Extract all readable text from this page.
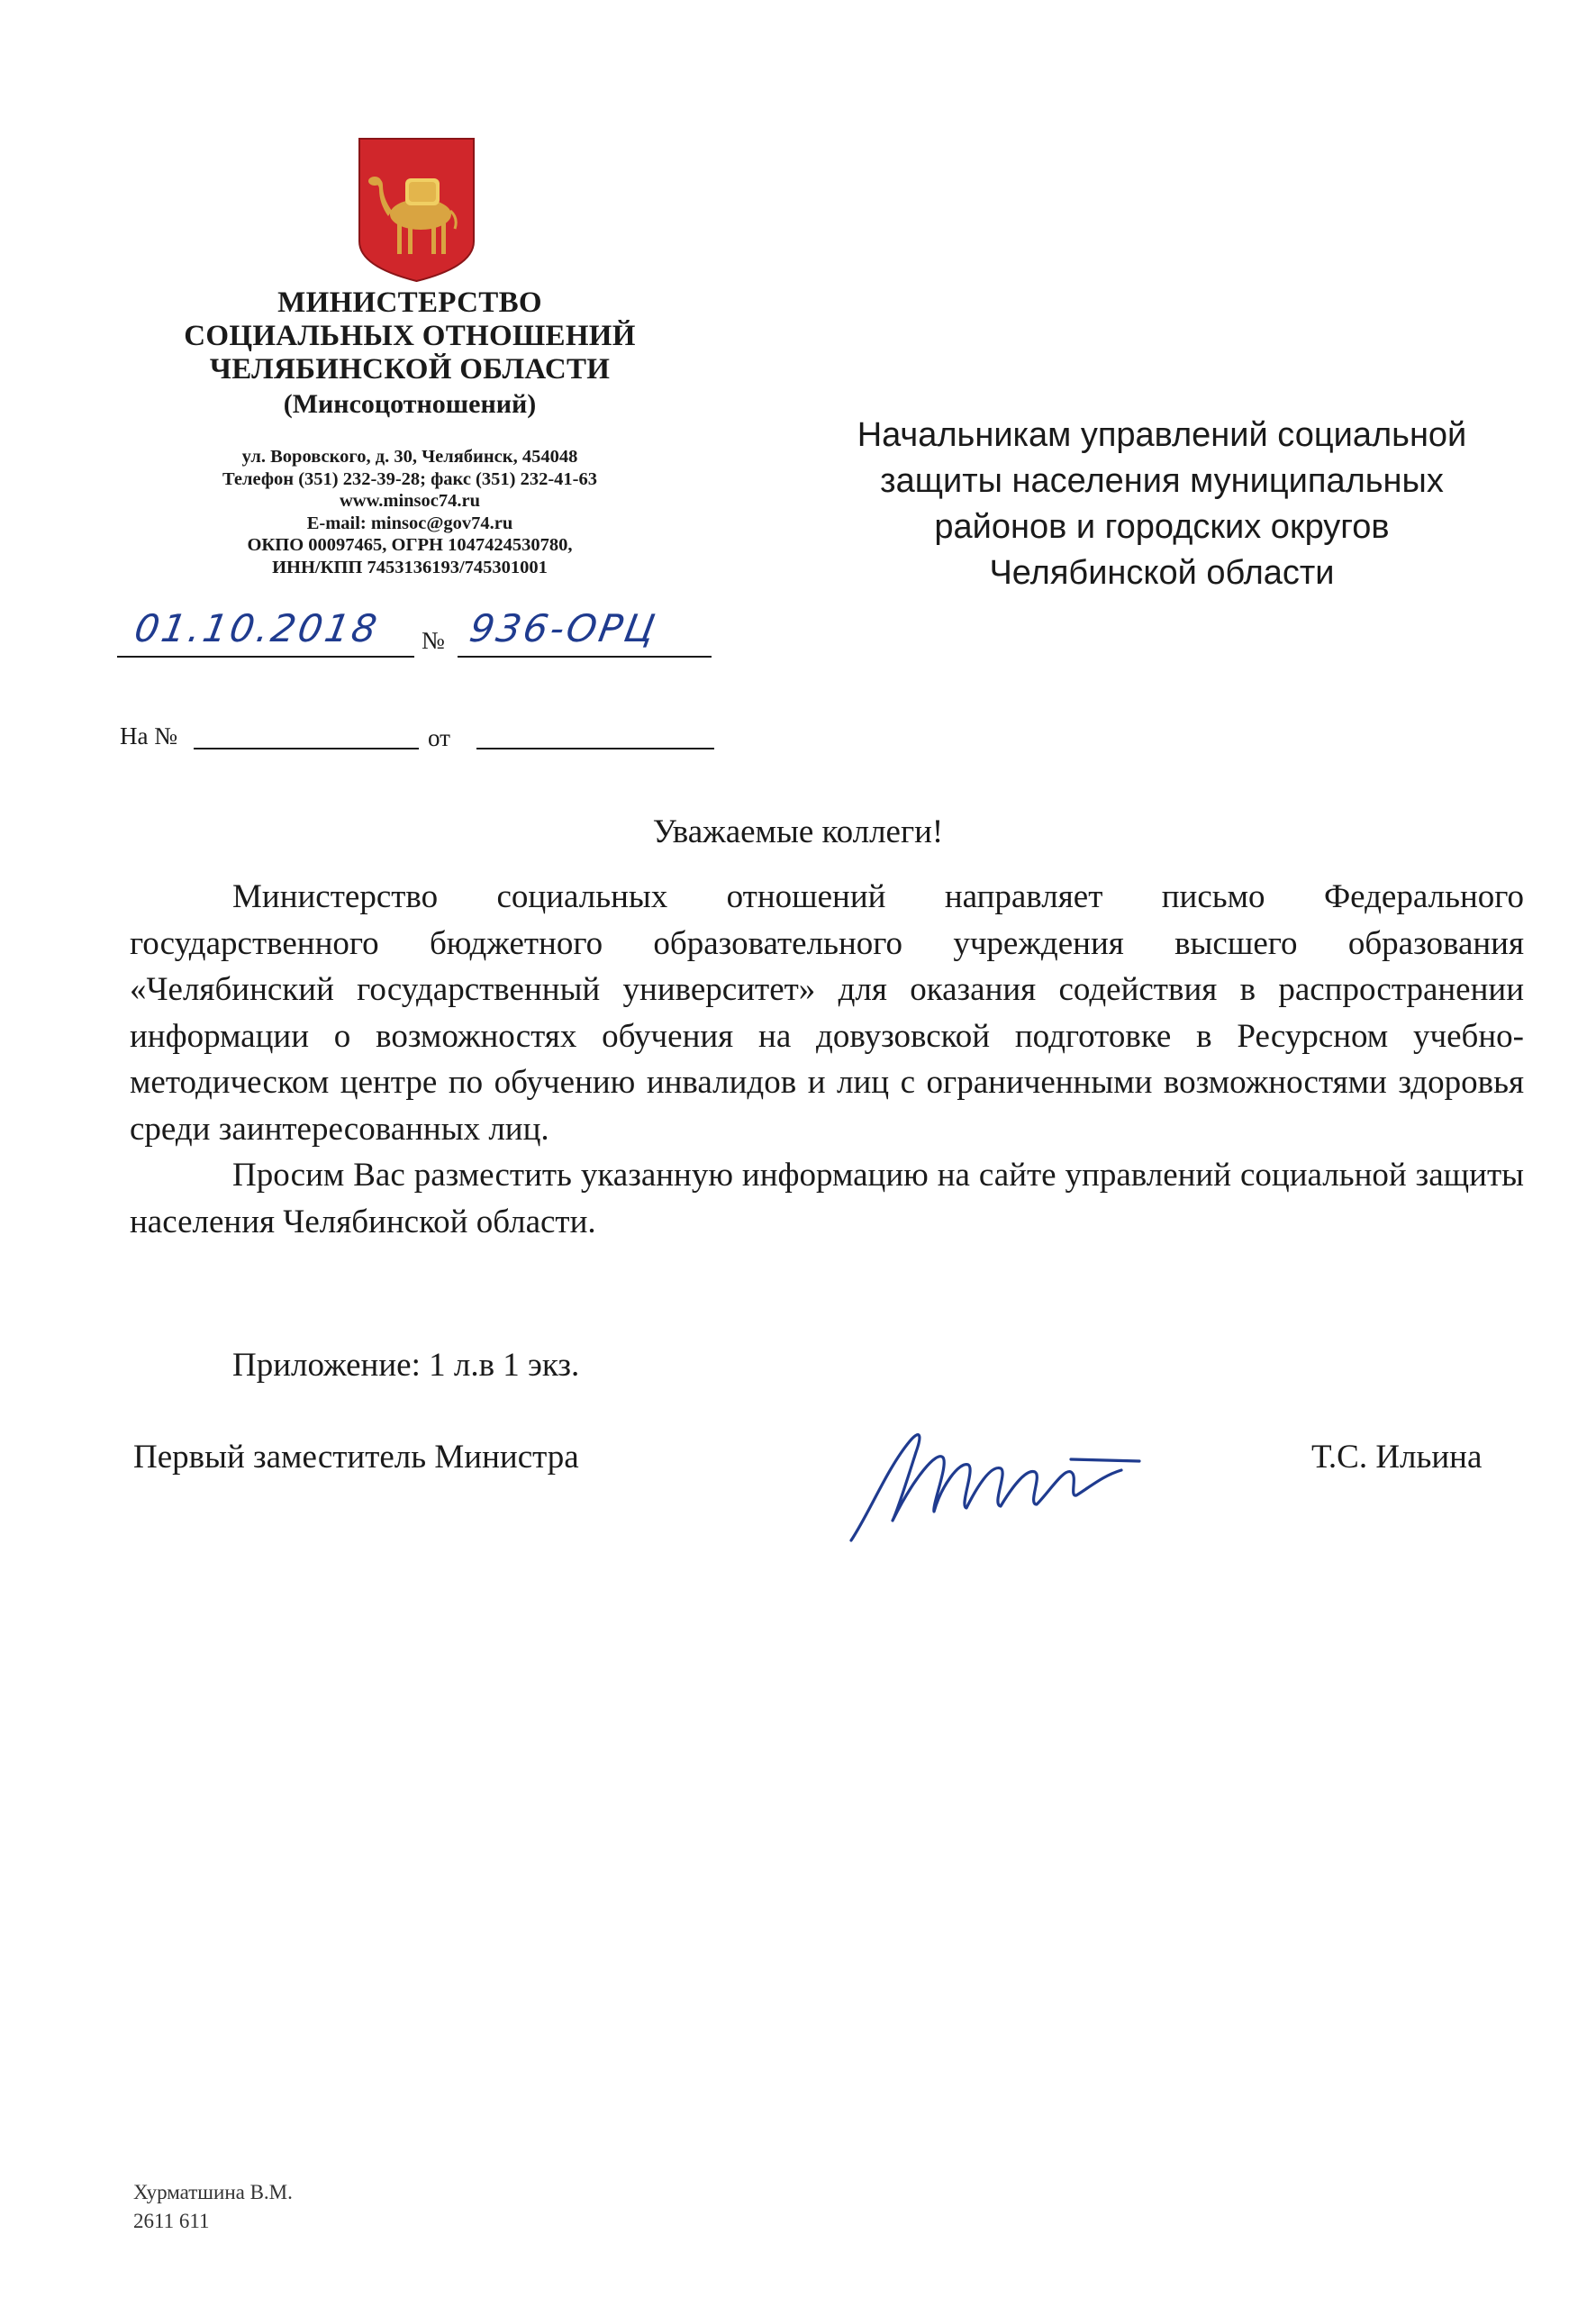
МИНИСТЕРСТВО
СОЦИАЛЬНЫХ ОТНОШЕНИЙ
ЧЕЛЯБИНСКОЙ ОБЛАСТИ
(Минсоцотношений)
ул. Воровского, д. 30, Челябинск, 454048
Телефон (351) 232-39-28; факс (351) 232-41-63
www.minsoc74.ru
E-mail: minsoc@gov74.ru
ОКПО 00097465, ОГРН 1047424530780,
ИНН/КПП 7453136193/745301001
01.10.2018 № 936-ОРЦ
На №	от
Начальникам управлений социальной
защиты населения муниципальных
районов и городских округов
Челябинской области
Уважаемые коллеги!

Министерство социальных отношений направляет письмо Федерального государственного бюджетного образовательного учреждения высшего образования «Челябинский государственный университет» для оказания содействия в распространении информации о возможностях обучения на довузовской подготовке в Ресурсном учебно-методическом центре по обучению инвалидов и лиц с ограниченными возможностями здоровья среди заинтересованных лиц.

Просим Вас разместить указанную информацию на сайте управлений социальной защиты населения Челябинской области.

Приложение: 1 л.в 1 экз.
Первый заместитель Министра	Т.С. Ильина
Хурматшина В.М.
2611 611
